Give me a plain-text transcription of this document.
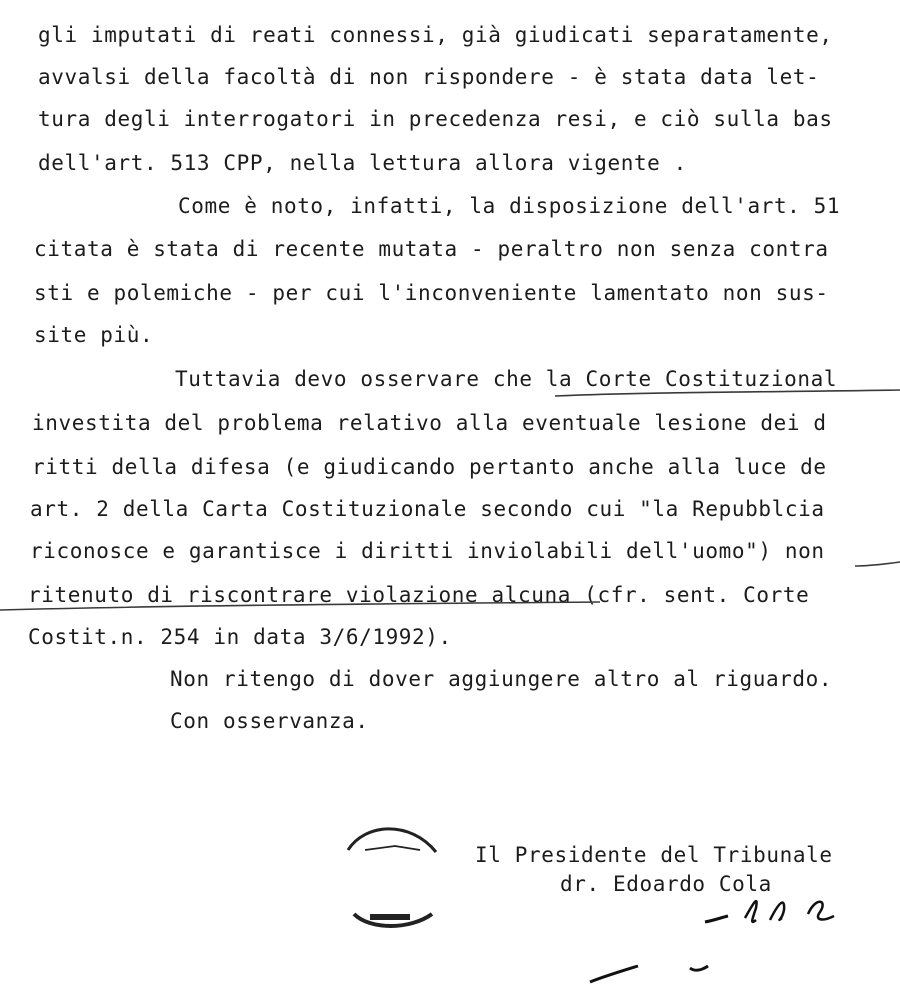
gli imputati di reati connessi, già giudicati separatamente,
avvalsi della facoltà di non rispondere - è stata data let-
tura degli interrogatori in precedenza resi, e ciò sulla bas
dell'art. 513 CPP, nella lettura allora vigente .
Come è noto, infatti, la disposizione dell'art. 51
citata è stata di recente mutata - peraltro non senza contra
sti e polemiche - per cui l'inconveniente lamentato non sus-
site più.
Tuttavia devo osservare che la Corte Costituzional
investita del problema relativo alla eventuale lesione dei d
ritti della difesa (e giudicando pertanto anche alla luce de
art. 2 della Carta Costituzionale secondo cui "la Repubblcia
riconosce e garantisce i diritti inviolabili dell'uomo") non
ritenuto di riscontrare violazione alcuna (cfr. sent. Corte
Costit.n. 254 in data 3/6/1992).
Non ritengo di dover aggiungere altro al riguardo.
Con osservanza.
Il Presidente del Tribunale
dr. Edoardo Cola
